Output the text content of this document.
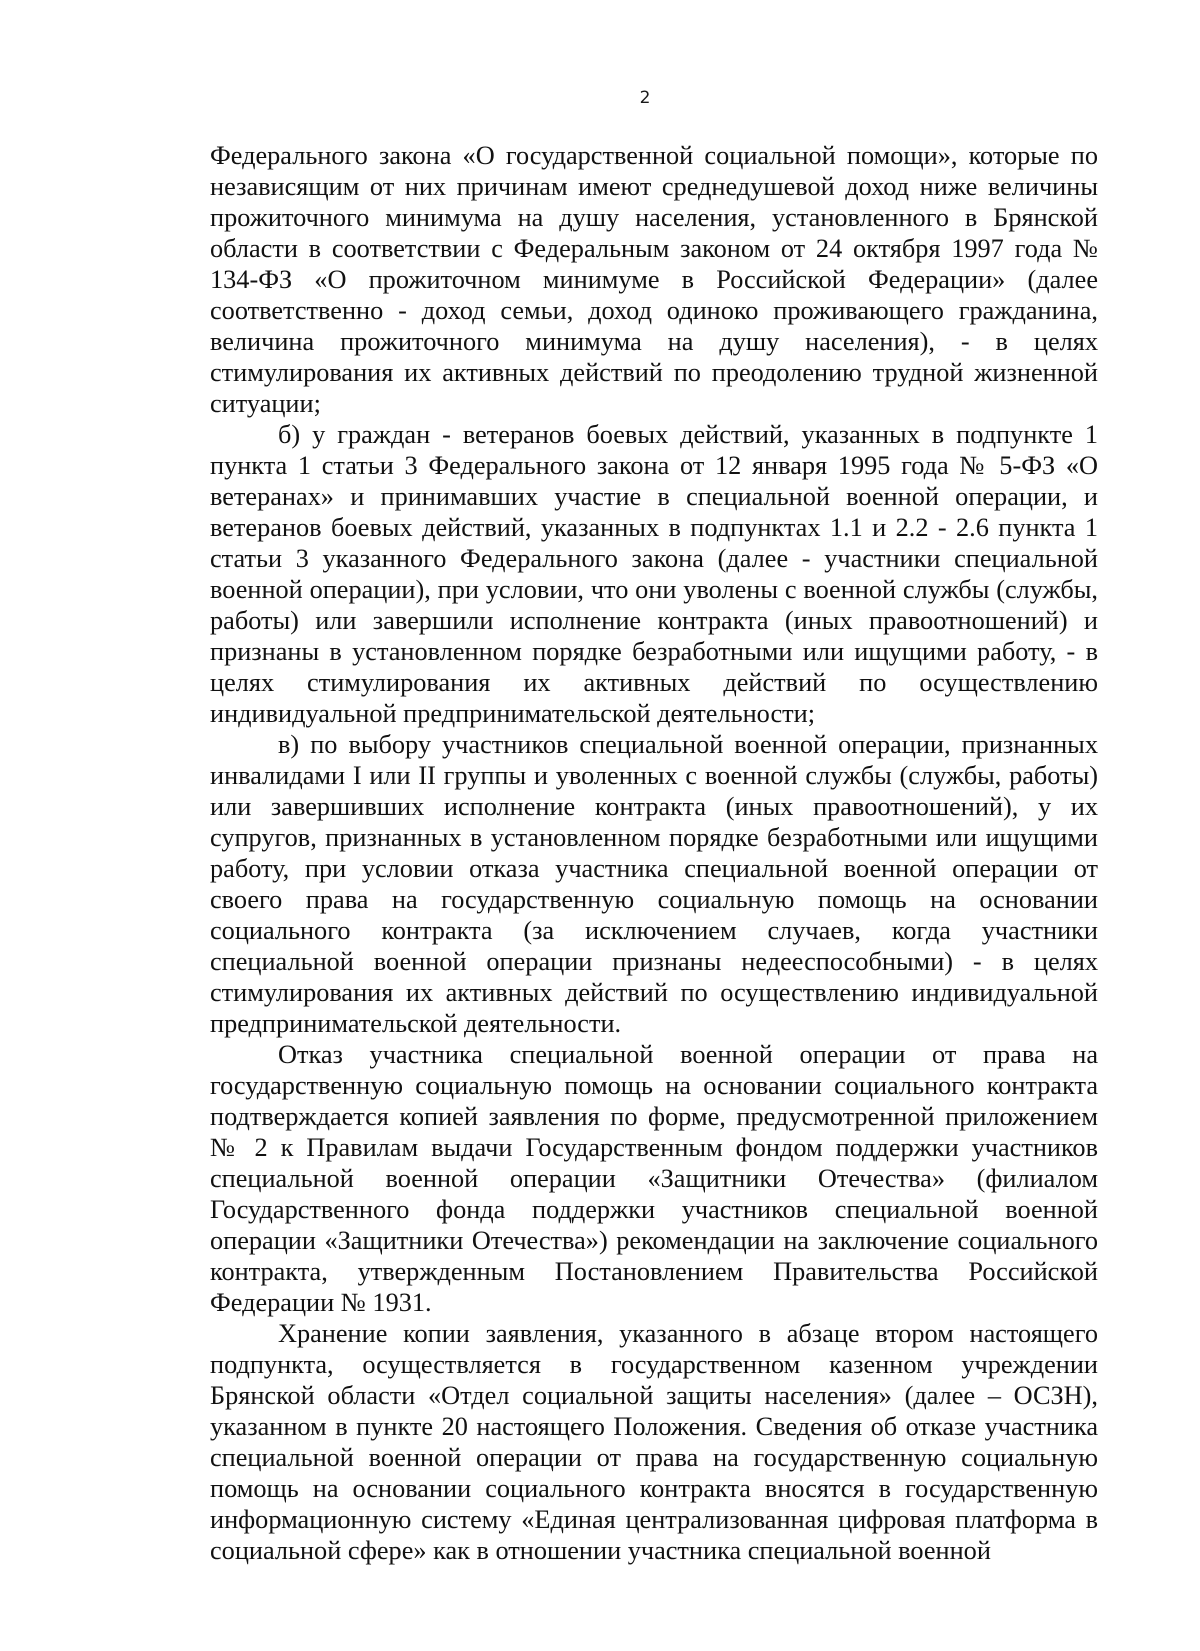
2

Федерального закона «О государственной социальной помощи», которые по независящим от них причинам имеют среднедушевой доход ниже величины прожиточного минимума на душу населения, установленного в Брянской области в соответствии с Федеральным законом от 24 октября 1997 года № 134-ФЗ «О прожиточном минимуме в Российской Федерации» (далее соответственно - доход семьи, доход одиноко проживающего гражданина, величина прожиточного минимума на душу населения), - в целях стимулирования их активных действий по преодолению трудной жизненной ситуации;

б) у граждан - ветеранов боевых действий, указанных в подпункте 1 пункта 1 статьи 3 Федерального закона от 12 января 1995 года № 5-ФЗ «О ветеранах» и принимавших участие в специальной военной операции, и ветеранов боевых действий, указанных в подпунктах 1.1 и 2.2 - 2.6 пункта 1 статьи 3 указанного Федерального закона (далее - участники специальной военной операции), при условии, что они уволены с военной службы (службы, работы) или завершили исполнение контракта (иных правоотношений) и признаны в установленном порядке безработными или ищущими работу, - в целях стимулирования их активных действий по осуществлению индивидуальной предпринимательской деятельности;

в) по выбору участников специальной военной операции, признанных инвалидами I или II группы и уволенных с военной службы (службы, работы) или завершивших исполнение контракта (иных правоотношений), у их супругов, признанных в установленном порядке безработными или ищущими работу, при условии отказа участника специальной военной операции от своего права на государственную социальную помощь на основании социального контракта (за исключением случаев, когда участники специальной военной операции признаны недееспособными) - в целях стимулирования их активных действий по осуществлению индивидуальной предпринимательской деятельности.

Отказ участника специальной военной операции от права на государственную социальную помощь на основании социального контракта подтверждается копией заявления по форме, предусмотренной приложением № 2 к Правилам выдачи Государственным фондом поддержки участников специальной военной операции «Защитники Отечества» (филиалом Государственного фонда поддержки участников специальной военной операции «Защитники Отечества») рекомендации на заключение социального контракта, утвержденным Постановлением Правительства Российской Федерации № 1931.

Хранение копии заявления, указанного в абзаце втором настоящего подпункта, осуществляется в государственном казенном учреждении Брянской области «Отдел социальной защиты населения» (далее – ОСЗН), указанном в пункте 20 настоящего Положения. Сведения об отказе участника специальной военной операции от права на государственную социальную помощь на основании социального контракта вносятся в государственную информационную систему «Единая централизованная цифровая платформа в социальной сфере» как в отношении участника специальной военной
